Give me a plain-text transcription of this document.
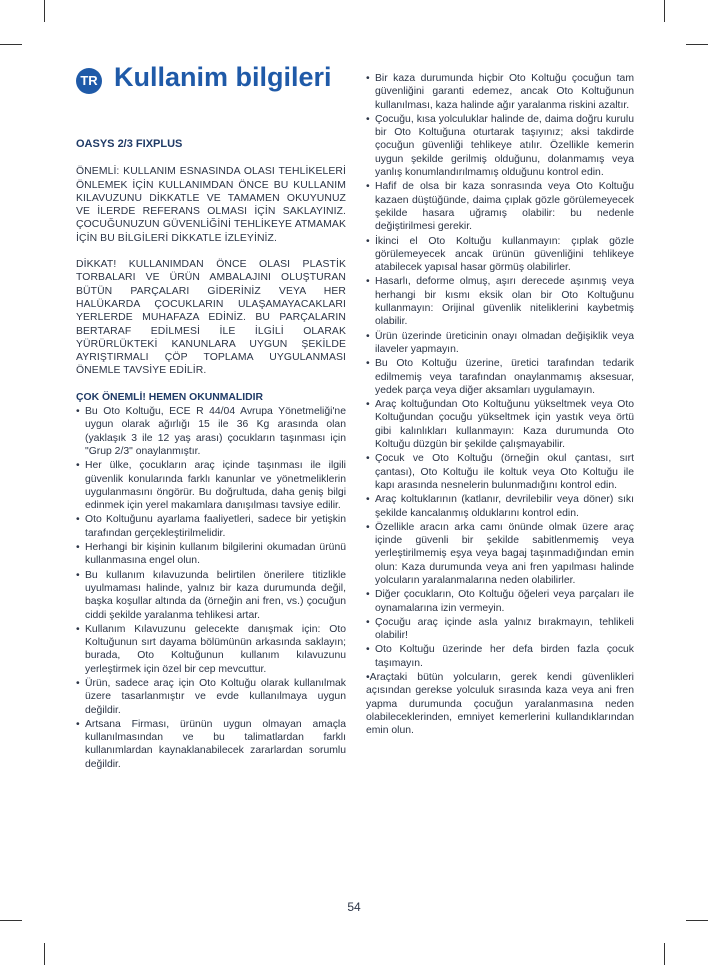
TR Kullanim bilgileri
OASYS 2/3 FIXPLUS
ÖNEMLİ: KULLANIM ESNASINDA OLASI TEHLİKELERİ ÖNLEMEK İÇİN KULLANIMDAN ÖNCE BU KULLANIM KILAVUZUNU DİKKATLE VE TAMAMEN OKUYUNUZ VE İLERDE REFERANS OLMASI İÇİN SAKLAYINIZ. ÇOCUĞUNUZUN GÜVENLİĞİNİ TEHLİKEYE ATMAMAK İÇİN BU BİLGİLERİ DİKKATLE İZLEYİNİZ.
DİKKAT! KULLANIMDAN ÖNCE OLASI PLASTİK TORBALARI VE ÜRÜN AMBALAJINI OLUŞTURAN BÜTÜN PARÇALARI GİDERİNİZ VEYA HER HALÜKARDA ÇOCUKLARIN ULAŞAMAYACAKLARI YERLERDE MUHAFAZA EDİNİZ. BU PARÇALARIN BERTARAF EDİLMESİ İLE İLGİLİ OLARAK YÜRÜRLÜKTEKİ KANUNLARA UYGUN ŞEKİLDE AYRIŞTIRMALI ÇÖP TOPLAMA UYGULANMASI ÖNEMLE TAVSİYE EDİLİR.
ÇOK ÖNEMLİ! HEMEN OKUNMALIDIR
• Bu Oto Koltuğu, ECE R 44/04 Avrupa Yönetmeliği'ne uygun olarak ağırlığı 15 ile 36 Kg arasında olan (yaklaşık 3 ile 12 yaş arası) çocukların taşınması için "Grup 2/3" onaylanmıştır.
• Her ülke, çocukların araç içinde taşınması ile ilgili güvenlik konularında farklı kanunlar ve yönetmeliklerin uygulanmasını öngörür. Bu doğrultuda, daha geniş bilgi edinmek için yerel makamlara danışılması tavsiye edilir.
• Oto Koltuğunu ayarlama faaliyetleri, sadece bir yetişkin tarafından gerçekleştirilmelidir.
• Herhangi bir kişinin kullanım bilgilerini okumadan ürünü kullanmasına engel olun.
• Bu kullanım kılavuzunda belirtilen önerilere titizlikle uyulmaması halinde, yalnız bir kaza durumunda değil, başka koşullar altında da (örneğin ani fren, vs.) çocuğun ciddi şekilde yaralanma tehlikesi artar.
• Kullanım Kılavuzunu gelecekte danışmak için: Oto Koltuğunun sırt dayama bölümünün arkasında saklayın; burada, Oto Koltuğunun kullanım kılavuzunu yerleştirmek için özel bir cep mevcuttur.
• Ürün, sadece araç için Oto Koltuğu olarak kullanılmak üzere tasarlanmıştır ve evde kullanılmaya uygun değildir.
• Artsana Firması, ürünün uygun olmayan amaçla kullanılmasından ve bu talimatlardan farklı kullanımlardan kaynaklanabilecek zararlardan sorumlu değildir.
• Bir kaza durumunda hiçbir Oto Koltuğu çocuğun tam güvenliğini garanti edemez, ancak Oto Koltuğunun kullanılması, kaza halinde ağır yaralanma riskini azaltır.
• Çocuğu, kısa yolculuklar halinde de, daima doğru kurulu bir Oto Koltuğuna oturtarak taşıyınız; aksi takdirde çocuğun güvenliği tehlikeye atılır. Özellikle kemerin uygun şekilde gerilmiş olduğunu, dolanmamış veya yanlış konumlandırılmamış olduğunu kontrol edin.
• Hafif de olsa bir kaza sonrasında veya Oto Koltuğu kazaen düştüğünde, daima çıplak gözle görülemeyecek şekilde hasara uğramış olabilir: bu nedenle değiştirilmesi gerekir.
• İkinci el Oto Koltuğu kullanmayın: çıplak gözle görülemeyecek ancak ürünün güvenliğini tehlikeye atabilecek yapısal hasar görmüş olabilirler.
• Hasarlı, deforme olmuş, aşırı derecede aşınmış veya herhangi bir kısmı eksik olan bir Oto Koltuğunu kullanmayın: Orijinal güvenlik niteliklerini kaybetmiş olabilir.
• Ürün üzerinde üreticinin onayı olmadan değişiklik veya ilaveler yapmayın.
• Bu Oto Koltuğu üzerine, üretici tarafından tedarik edilmemiş veya tarafından onaylanmamış aksesuar, yedek parça veya diğer aksamları uygulamayın.
• Araç koltuğundan Oto Koltuğunu yükseltmek veya Oto Koltuğundan çocuğu yükseltmek için yastık veya örtü gibi kalınlıkları kullanmayın: Kaza durumunda Oto Koltuğu düzgün bir şekilde çalışmayabilir.
• Çocuk ve Oto Koltuğu (örneğin okul çantası, sırt çantası), Oto Koltuğu ile koltuk veya Oto Koltuğu ile kapı arasında nesnelerin bulunmadığını kontrol edin.
• Araç koltuklarının (katlanır, devrilebilir veya döner) sıkı şekilde kancalanmış olduklarını kontrol edin.
• Özellikle aracın arka camı önünde olmak üzere araç içinde güvenli bir şekilde sabitlenmemiş veya yerleştirilmemiş eşya veya bagaj taşınmadığından emin olun: Kaza durumunda veya ani fren yapılması halinde yolcuların yaralanmalarına neden olabilirler.
• Diğer çocukların, Oto Koltuğu öğeleri veya parçaları ile oynamalarına izin vermeyin.
• Çocuğu araç içinde asla yalnız bırakmayın, tehlikeli olabilir!
• Oto Koltuğu üzerinde her defa birden fazla çocuk taşımayın.
•Araçtaki bütün yolcuların, gerek kendi güvenlikleri açısından gerekse yolculuk sırasında kaza veya ani fren yapma durumunda çocuğun yaralanmasına neden olabileceklerinden, emniyet kemerlerini kullandıklarından emin olun.
54
